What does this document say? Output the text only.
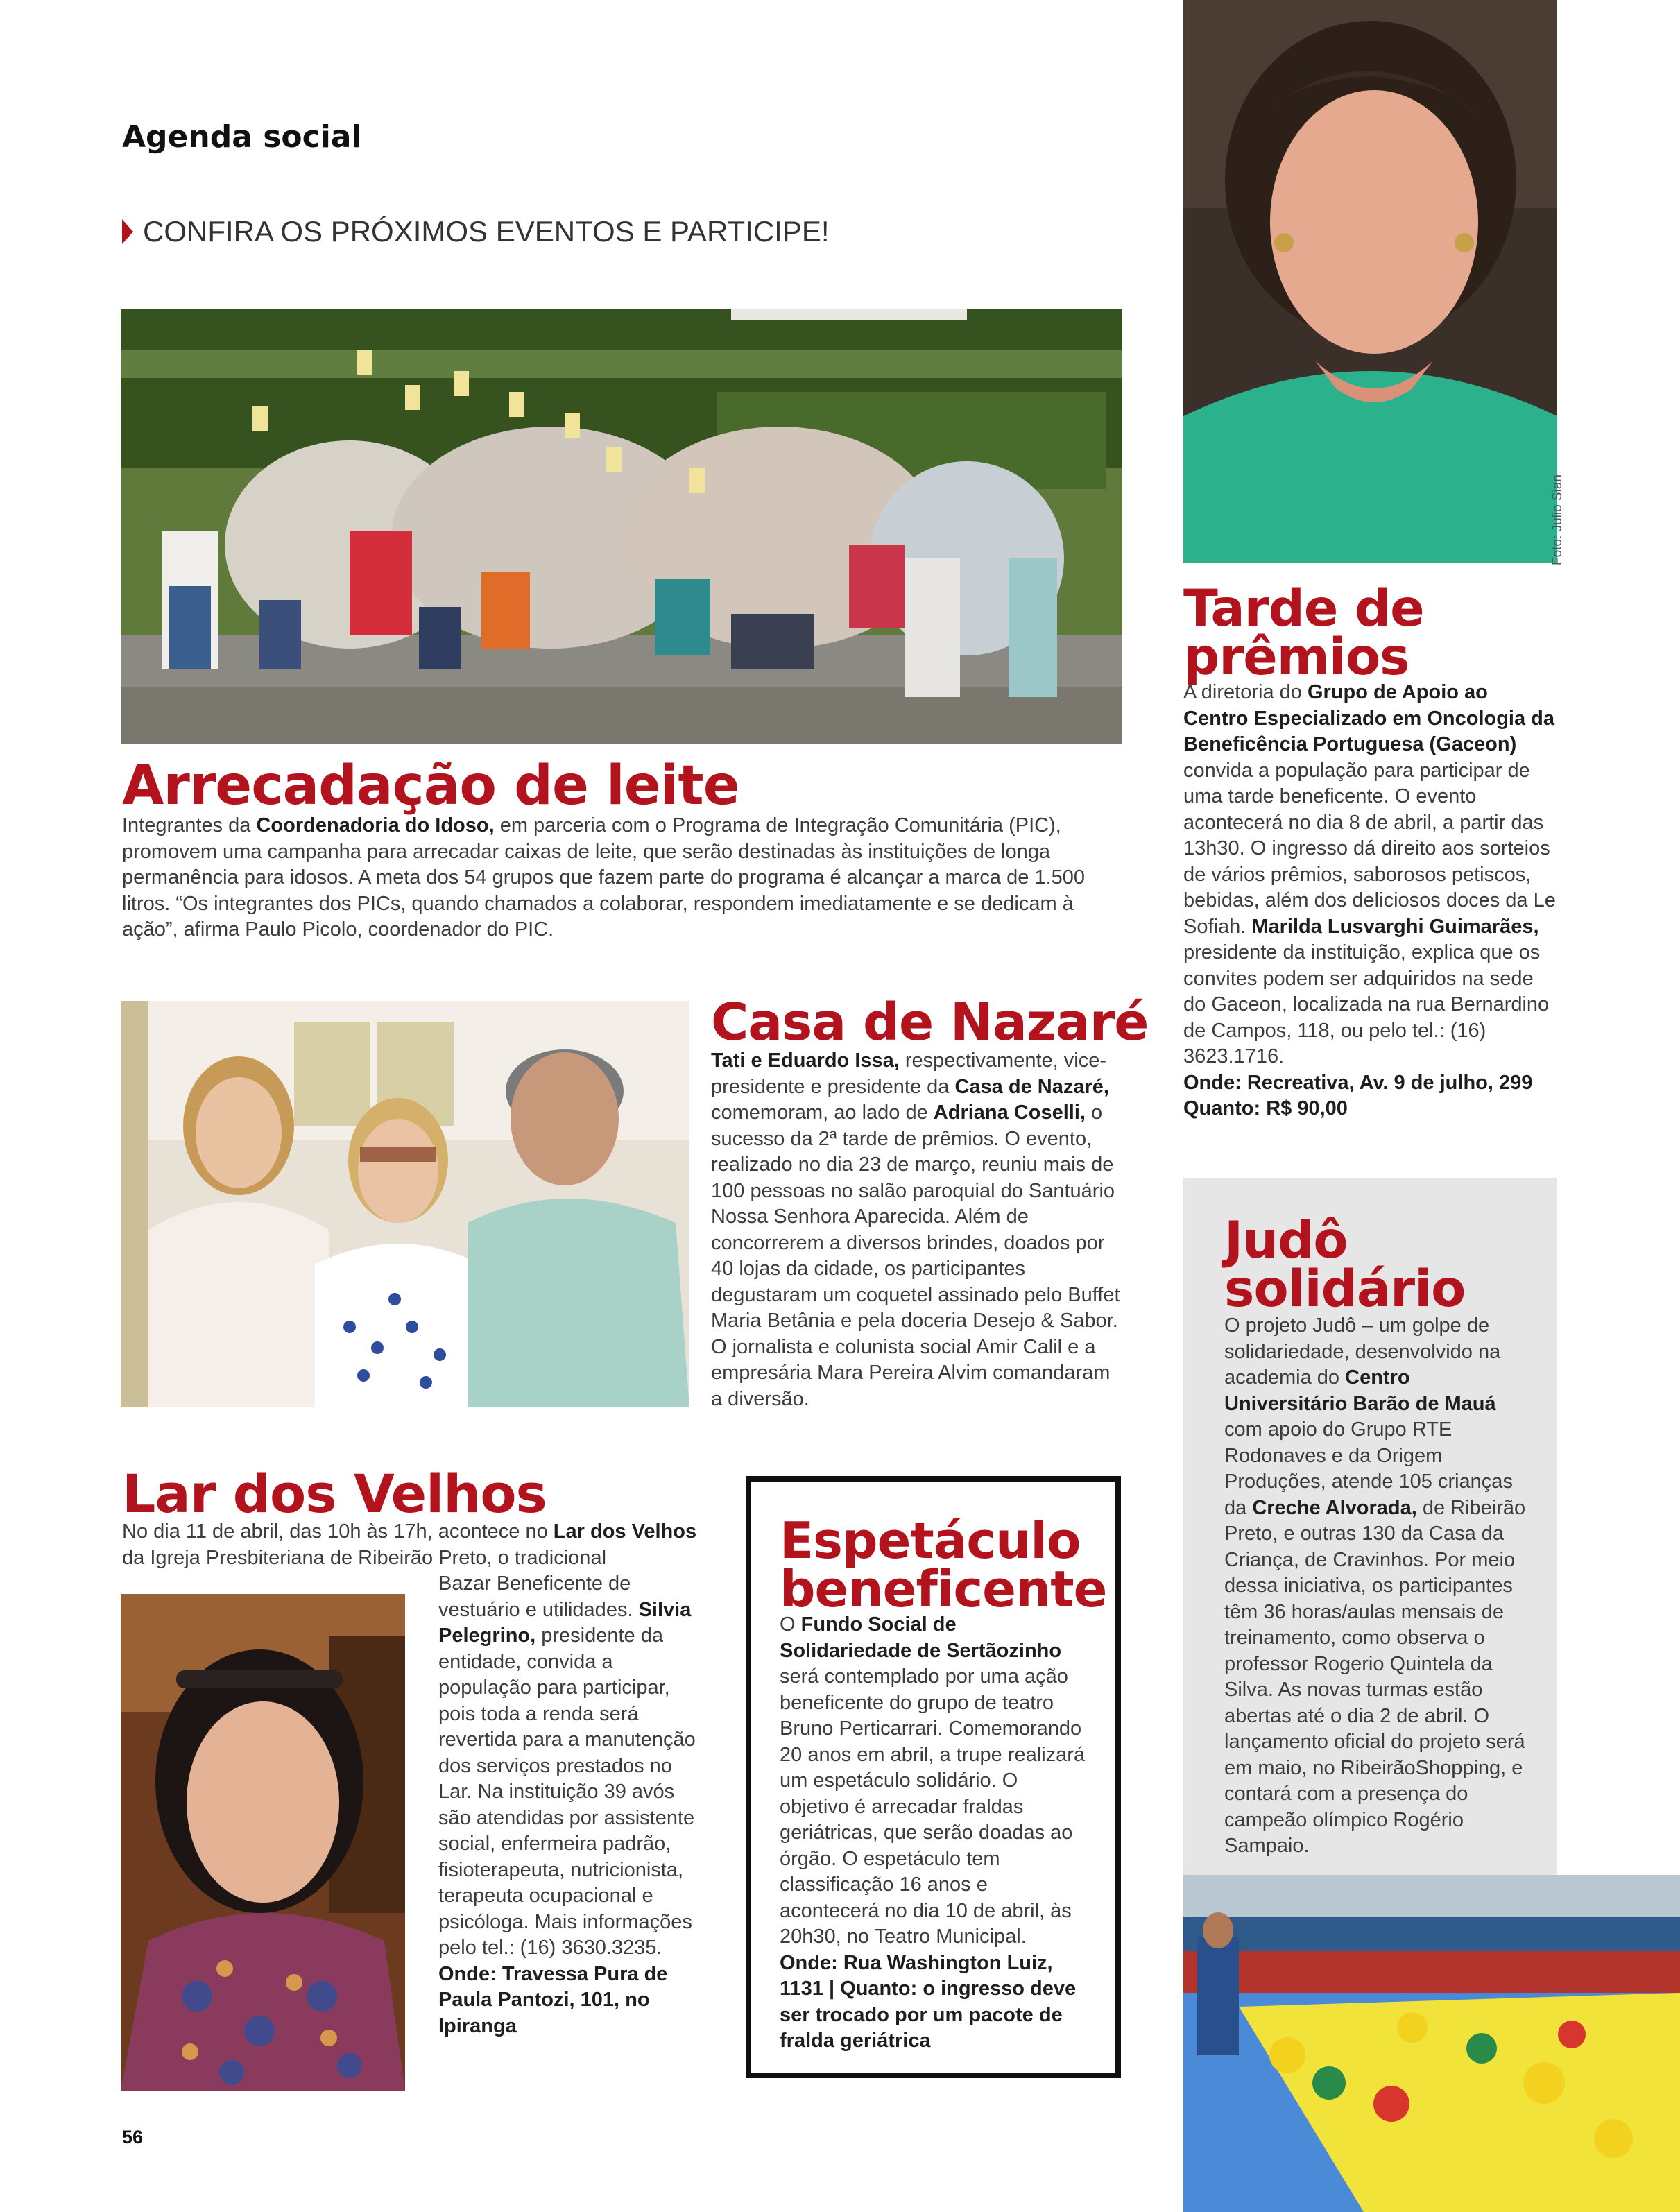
Agenda social

CONFIRA OS PRÓXIMOS EVENTOS E PARTICIPE!

Arrecadação de leite

Integrantes da Coordenadoria do Idoso, em parceria com o Programa de Integração Comunitária (PIC), promovem uma campanha para arrecadar caixas de leite, que serão destinadas às instituições de longa permanência para idosos. A meta dos 54 grupos que fazem parte do programa é alcançar a marca de 1.500 litros. “Os integrantes dos PICs, quando chamados a colaborar, respondem imediatamente e se dedicam à ação”, afirma Paulo Picolo, coordenador do PIC.

Casa de Nazaré

Tati e Eduardo Issa, respectivamente, vice-presidente e presidente da Casa de Nazaré, comemoram, ao lado de Adriana Coselli, o sucesso da 2ª tarde de prêmios. O evento, realizado no dia 23 de março, reuniu mais de 100 pessoas no salão paroquial do Santuário Nossa Senhora Aparecida. Além de concorrerem a diversos brindes, doados por 40 lojas da cidade, os participantes degustaram um coquetel assinado pelo Buffet Maria Betânia e pela doceria Desejo & Sabor. O jornalista e colunista social Amir Calil e a empresária Mara Pereira Alvim comandaram a diversão.

Lar dos Velhos

No dia 11 de abril, das 10h às 17h, acontece no Lar dos Velhos da Igreja Presbiteriana de Ribeirão Preto, o tradicional

Bazar Beneficente de vestuário e utilidades. Silvia Pelegrino, presidente da entidade, convida a população para participar, pois toda a renda será revertida para a manutenção dos serviços prestados no Lar. Na instituição 39 avós são atendidas por assistente social, enfermeira padrão, fisioterapeuta, nutricionista, terapeuta ocupacional e psicóloga. Mais informações pelo tel.: (16) 3630.3235.
Onde: Travessa Pura de Paula Pantozi, 101, no Ipiranga

Espetáculo
beneficente

O Fundo Social de Solidariedade de Sertãozinho será contemplado por uma ação beneficente do grupo de teatro Bruno Perticarrari. Comemorando 20 anos em abril, a trupe realizará um espetáculo solidário. O objetivo é arrecadar fraldas geriátricas, que serão doadas ao órgão. O espetáculo tem classificação 16 anos e acontecerá no dia 10 de abril, às 20h30, no Teatro Municipal.
Onde: Rua Washington Luiz, 1131 | Quanto: o ingresso deve ser trocado por um pacote de fralda geriátrica

Foto: Julio Sian

Tarde de
prêmios

A diretoria do Grupo de Apoio ao Centro Especializado em Oncologia da Beneficência Portuguesa (Gaceon) convida a população para participar de uma tarde beneficente. O evento acontecerá no dia 8 de abril, a partir das 13h30. O ingresso dá direito aos sorteios de vários prêmios, saborosos petiscos, bebidas, além dos deliciosos doces da Le Sofiah. Marilda Lusvarghi Guimarães, presidente da instituição, explica que os convites podem ser adquiridos na sede do Gaceon, localizada na rua Bernardino de Campos, 118, ou pelo tel.: (16) 3623.1716.
Onde: Recreativa, Av. 9 de julho, 299
Quanto: R$ 90,00

Judô
solidário

O projeto Judô – um golpe de solidariedade, desenvolvido na academia do Centro Universitário Barão de Mauá com apoio do Grupo RTE Rodonaves e da Origem Produções, atende 105 crianças da Creche Alvorada, de Ribeirão Preto, e outras 130 da Casa da Criança, de Cravinhos. Por meio dessa iniciativa, os participantes têm 36 horas/aulas mensais de treinamento, como observa o professor Rogerio Quintela da Silva. As novas turmas estão abertas até o dia 2 de abril. O lançamento oficial do projeto será em maio, no RibeirãoShopping, e contará com a presença do campeão olímpico Rogério Sampaio.

56
